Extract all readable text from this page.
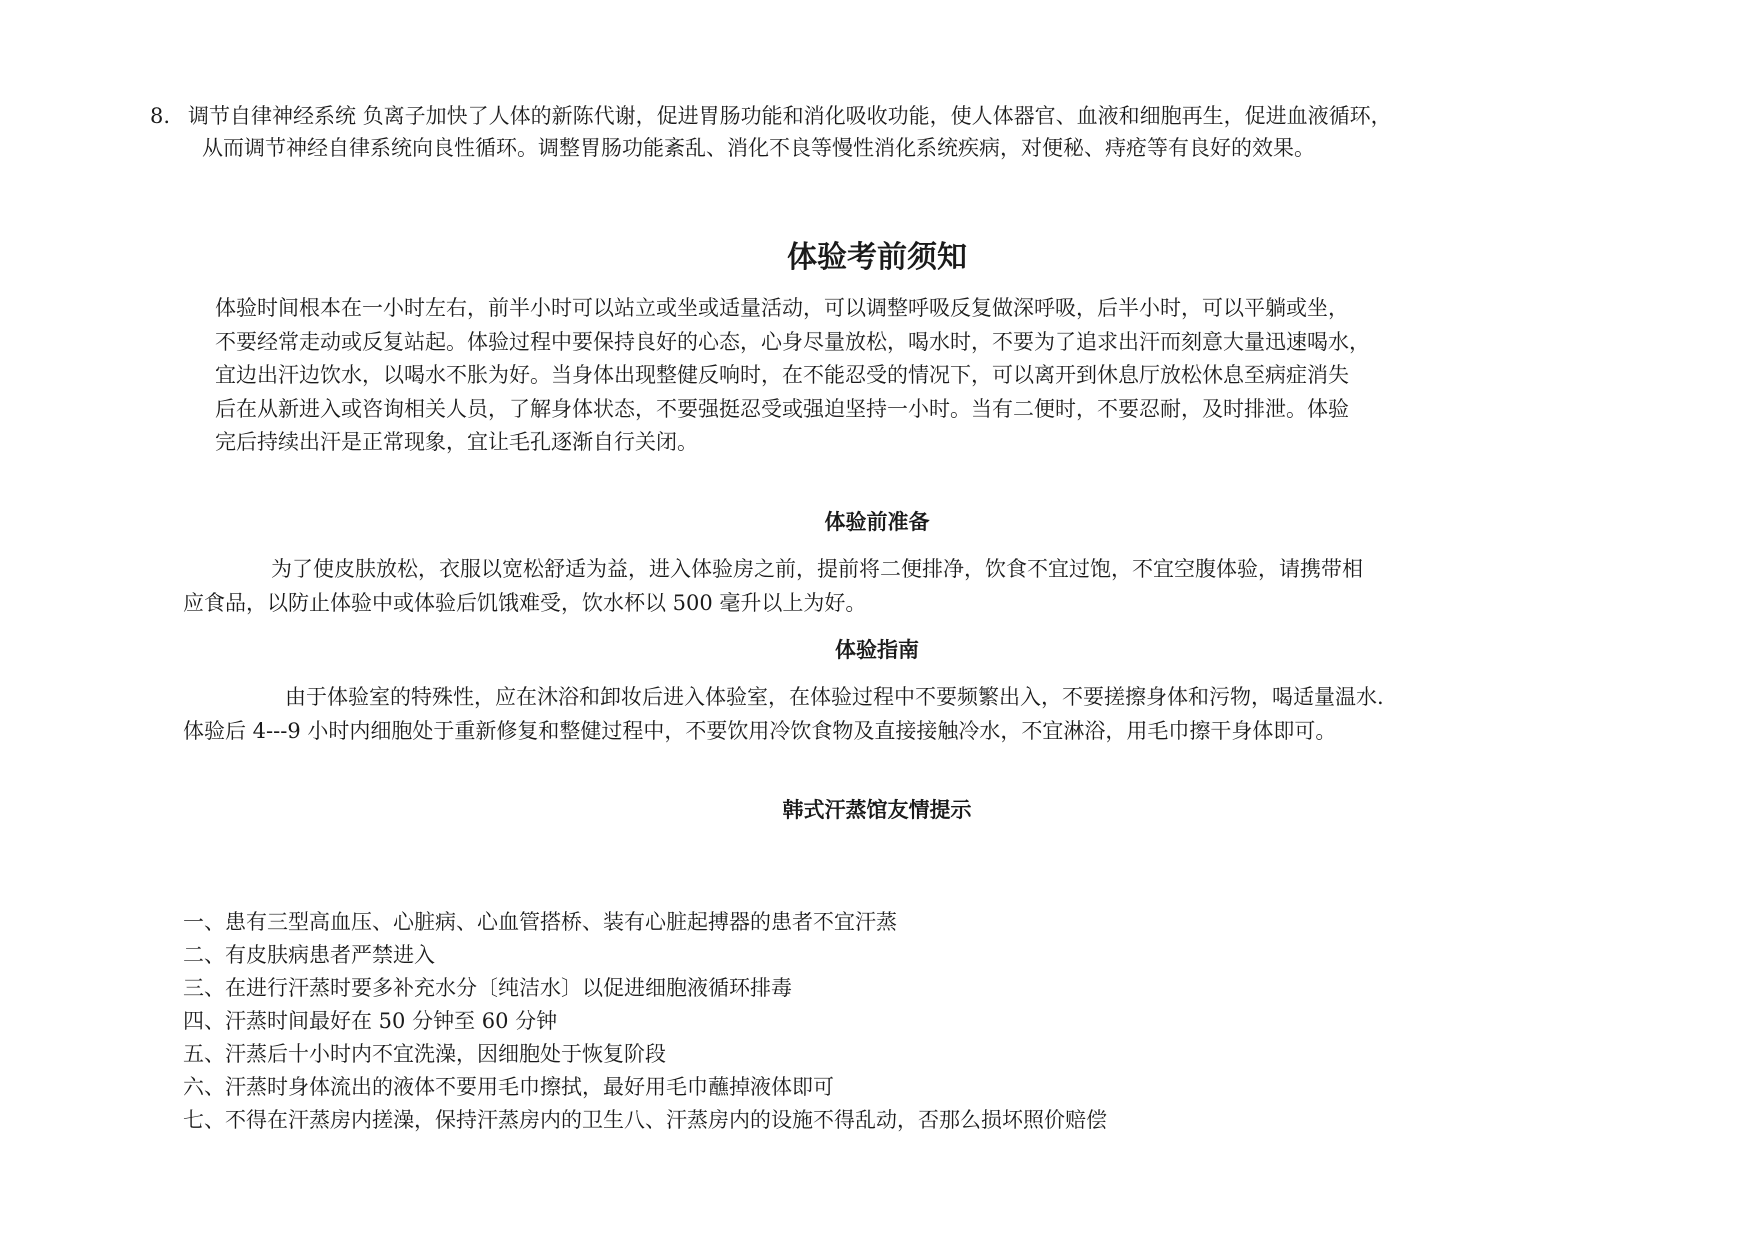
8. 调节自律神经系统 负离子加快了人体的新陈代谢，促进胃肠功能和消化吸收功能，使人体器官、血液和细胞再生，促进血液循环，
从而调节神经自律系统向良性循环。调整胃肠功能紊乱、消化不良等慢性消化系统疾病，对便秘、痔疮等有良好的效果。
体验考前须知
体验时间根本在一小时左右，前半小时可以站立或坐或适量活动，可以调整呼吸反复做深呼吸，后半小时，可以平躺或坐，
不要经常走动或反复站起。体验过程中要保持良好的心态，心身尽量放松，喝水时，不要为了追求出汗而刻意大量迅速喝水，
宜边出汗边饮水，以喝水不胀为好。当身体出现整健反响时，在不能忍受的情况下，可以离开到休息厅放松休息至病症消失
后在从新进入或咨询相关人员，了解身体状态，不要强挺忍受或强迫坚持一小时。当有二便时，不要忍耐，及时排泄。体验
完后持续出汗是正常现象，宜让毛孔逐渐自行关闭。
体验前准备
为了使皮肤放松，衣服以宽松舒适为益，进入体验房之前，提前将二便排净，饮食不宜过饱，不宜空腹体验，请携带相
应食品，以防止体验中或体验后饥饿难受，饮水杯以 500 毫升以上为好。
体验指南
由于体验室的特殊性，应在沐浴和卸妆后进入体验室，在体验过程中不要频繁出入，不要搓擦身体和污物，喝适量温水.
体验后 4---9 小时内细胞处于重新修复和整健过程中，不要饮用冷饮食物及直接接触冷水，不宜淋浴，用毛巾擦干身体即可。
韩式汗蒸馆友情提示
一、患有三型高血压、心脏病、心血管搭桥、装有心脏起搏器的患者不宜汗蒸
二、有皮肤病患者严禁进入
三、在进行汗蒸时要多补充水分〔纯洁水〕以促进细胞液循环排毒
四、汗蒸时间最好在 50 分钟至 60 分钟
五、汗蒸后十小时内不宜洗澡，因细胞处于恢复阶段
六、汗蒸时身体流出的液体不要用毛巾擦拭，最好用毛巾蘸掉液体即可
七、不得在汗蒸房内搓澡，保持汗蒸房内的卫生八、汗蒸房内的设施不得乱动，否那么损坏照价赔偿
